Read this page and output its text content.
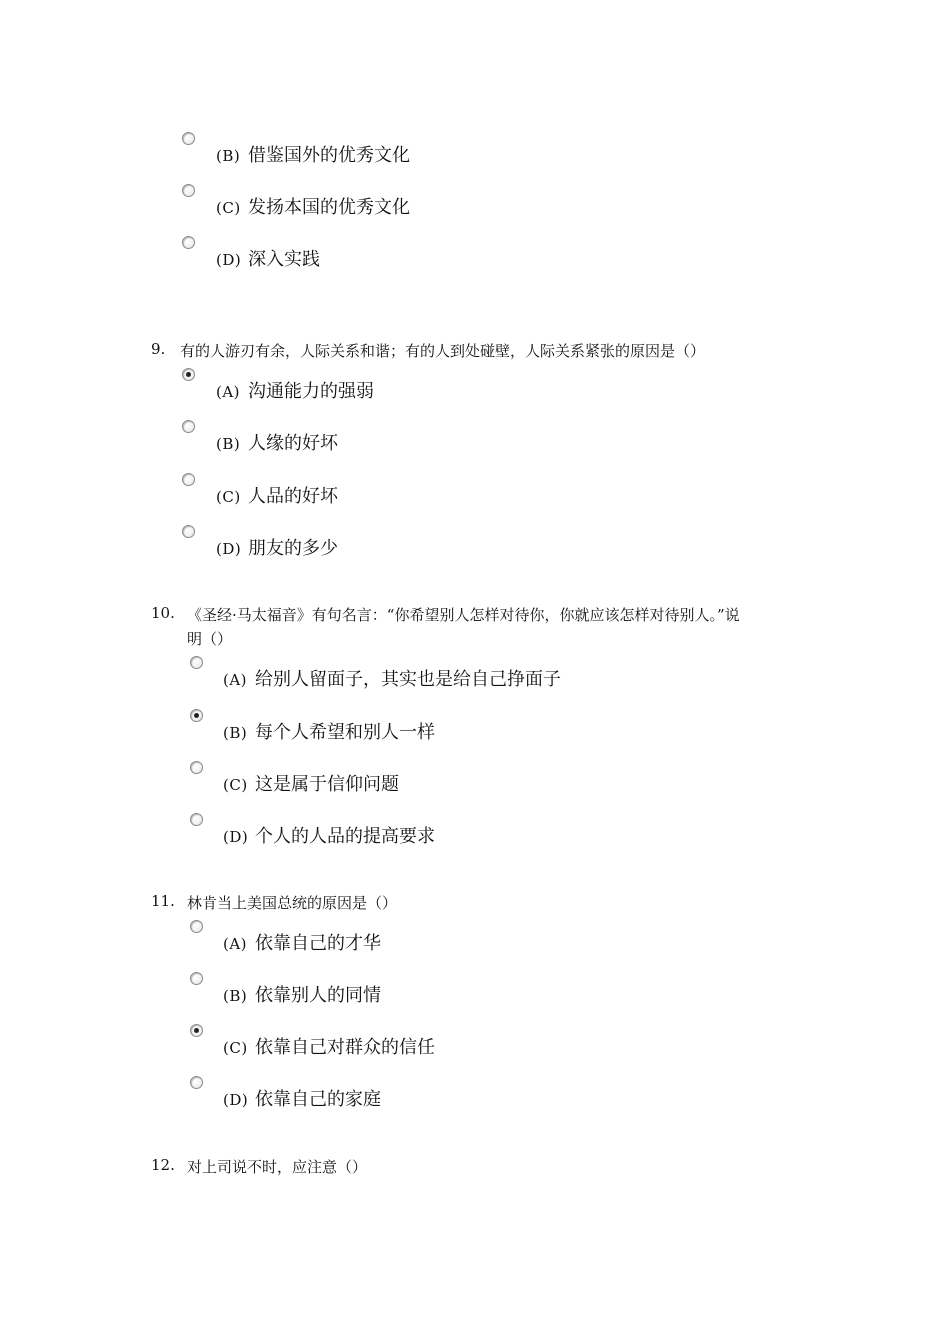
(B) 借鉴国外的优秀文化
(C) 发扬本国的优秀文化
(D) 深入实践
9. 有的人游刃有余，人际关系和谐；有的人到处碰壁，人际关系紧张的原因是（）
(A) 沟通能力的强弱
(B) 人缘的好坏
(C) 人品的好坏
(D) 朋友的多少
10. 《圣经·马太福音》有句名言：“你希望别人怎样对待你，你就应该怎样对待别人。”说
明（）
(A) 给别人留面子，其实也是给自己挣面子
(B) 每个人希望和别人一样
(C) 这是属于信仰问题
(D) 个人的人品的提高要求
11. 林肯当上美国总统的原因是（）
(A) 依靠自己的才华
(B) 依靠别人的同情
(C) 依靠自己对群众的信任
(D) 依靠自己的家庭
12. 对上司说不时，应注意（）
